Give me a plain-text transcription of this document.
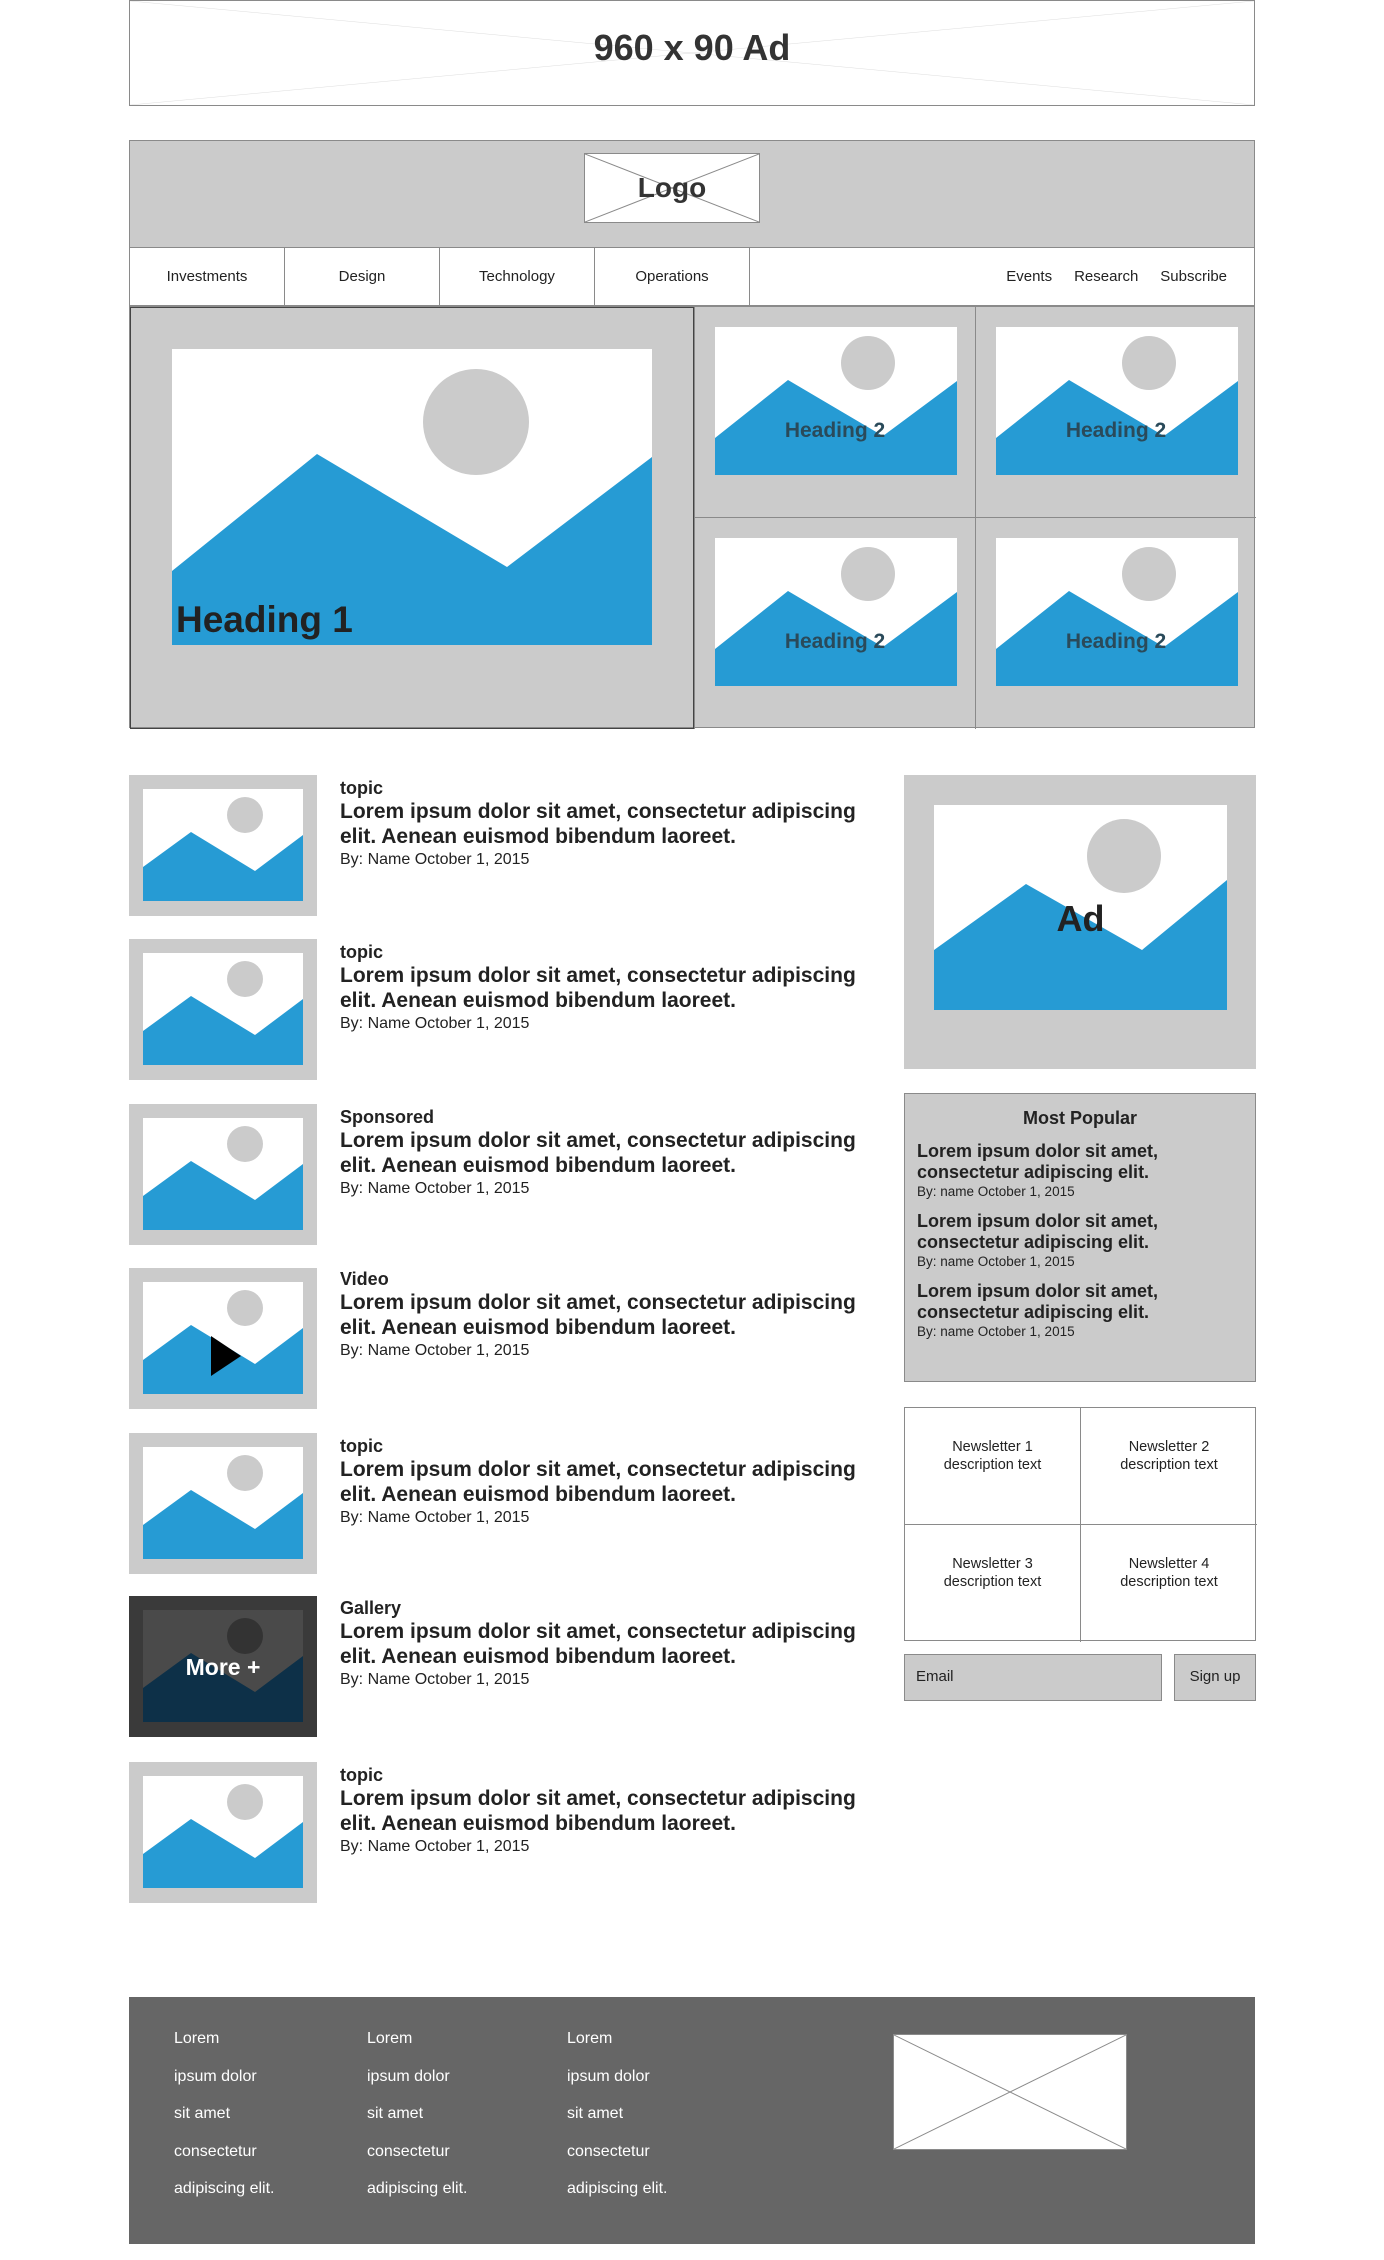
960 x 90 Ad
Logo
Investments	Design	Technology	Operations	Events Research Subscribe
Heading 1
Heading 2	Heading 2
Heading 2	Heading 2
More +
topic
Lorem ipsum dolor sit amet, consectetur adipiscing elit. Aenean euismod bibendum laoreet.
By: Name October 1, 2015
topic
Lorem ipsum dolor sit amet, consectetur adipiscing elit. Aenean euismod bibendum laoreet.
By: Name October 1, 2015
Sponsored
Lorem ipsum dolor sit amet, consectetur adipiscing elit. Aenean euismod bibendum laoreet.
By: Name October 1, 2015
Video
Lorem ipsum dolor sit amet, consectetur adipiscing elit. Aenean euismod bibendum laoreet.
By: Name October 1, 2015
topic
Lorem ipsum dolor sit amet, consectetur adipiscing elit. Aenean euismod bibendum laoreet.
By: Name October 1, 2015
Gallery
Lorem ipsum dolor sit amet, consectetur adipiscing elit. Aenean euismod bibendum laoreet.
By: Name October 1, 2015
topic
Lorem ipsum dolor sit amet, consectetur adipiscing elit. Aenean euismod bibendum laoreet.
By: Name October 1, 2015
Ad
Most Popular
Lorem ipsum dolor sit amet, consectetur adipiscing elit.
By: name October 1, 2015
Lorem ipsum dolor sit amet, consectetur adipiscing elit.
By: name October 1, 2015
Lorem ipsum dolor sit amet, consectetur adipiscing elit.
By: name October 1, 2015
Newsletter 1 description text
Newsletter 2 description text
Newsletter 3 description text
Newsletter 4 description text
Email	Sign up
Lorem
ipsum dolor
sit amet
consectetur
adipiscing elit.
Lorem
ipsum dolor
sit amet
consectetur
adipiscing elit.
Lorem
ipsum dolor
sit amet
consectetur
adipiscing elit.
